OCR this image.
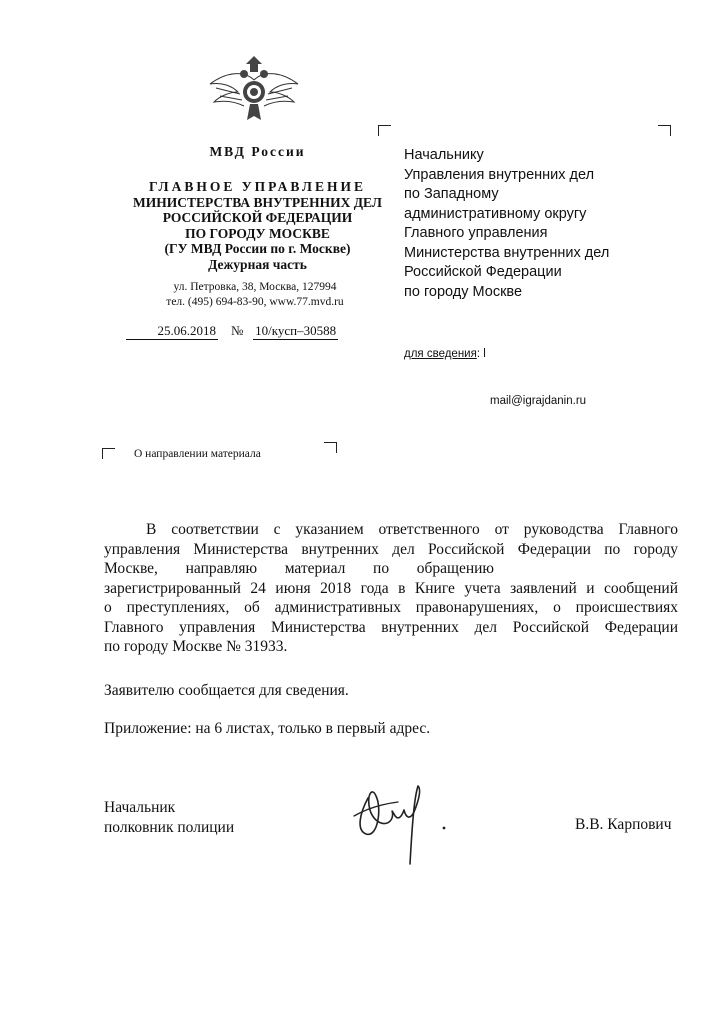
МВД России
ГЛАВНОЕ УПРАВЛЕНИЕ
МИНИСТЕРСТВА ВНУТРЕННИХ ДЕЛ
РОССИЙСКОЙ ФЕДЕРАЦИИ
ПО ГОРОДУ МОСКВЕ
(ГУ МВД России по г. Москве)
Дежурная часть
ул. Петровка, 38, Москва, 127994
тел. (495) 694-83-90, www.77.mvd.ru
25.06.2018 № 10/кусп–30588
Начальнику
Управления внутренних дел
по Западному
административному округу
Главного управления
Министерства внутренних дел
Российской Федерации
по городу Москве
для сведения: l
mail@igrajdanin.ru
О направлении материала
В соответствии с указанием ответственного от руководства Главного
управления Министерства внутренних дел Российской Федерации по городу
Москве, направляю материал по обращению
зарегистрированный 24 июня 2018 года в Книге учета заявлений и сообщений
о преступлениях, об административных правонарушениях, о происшествиях
Главного управления Министерства внутренних дел Российской Федерации
по городу Москве № 31933.
Заявителю сообщается для сведения.
Приложение: на 6 листах, только в первый адрес.
Начальник
полковник полиции	В.В. Карпович
